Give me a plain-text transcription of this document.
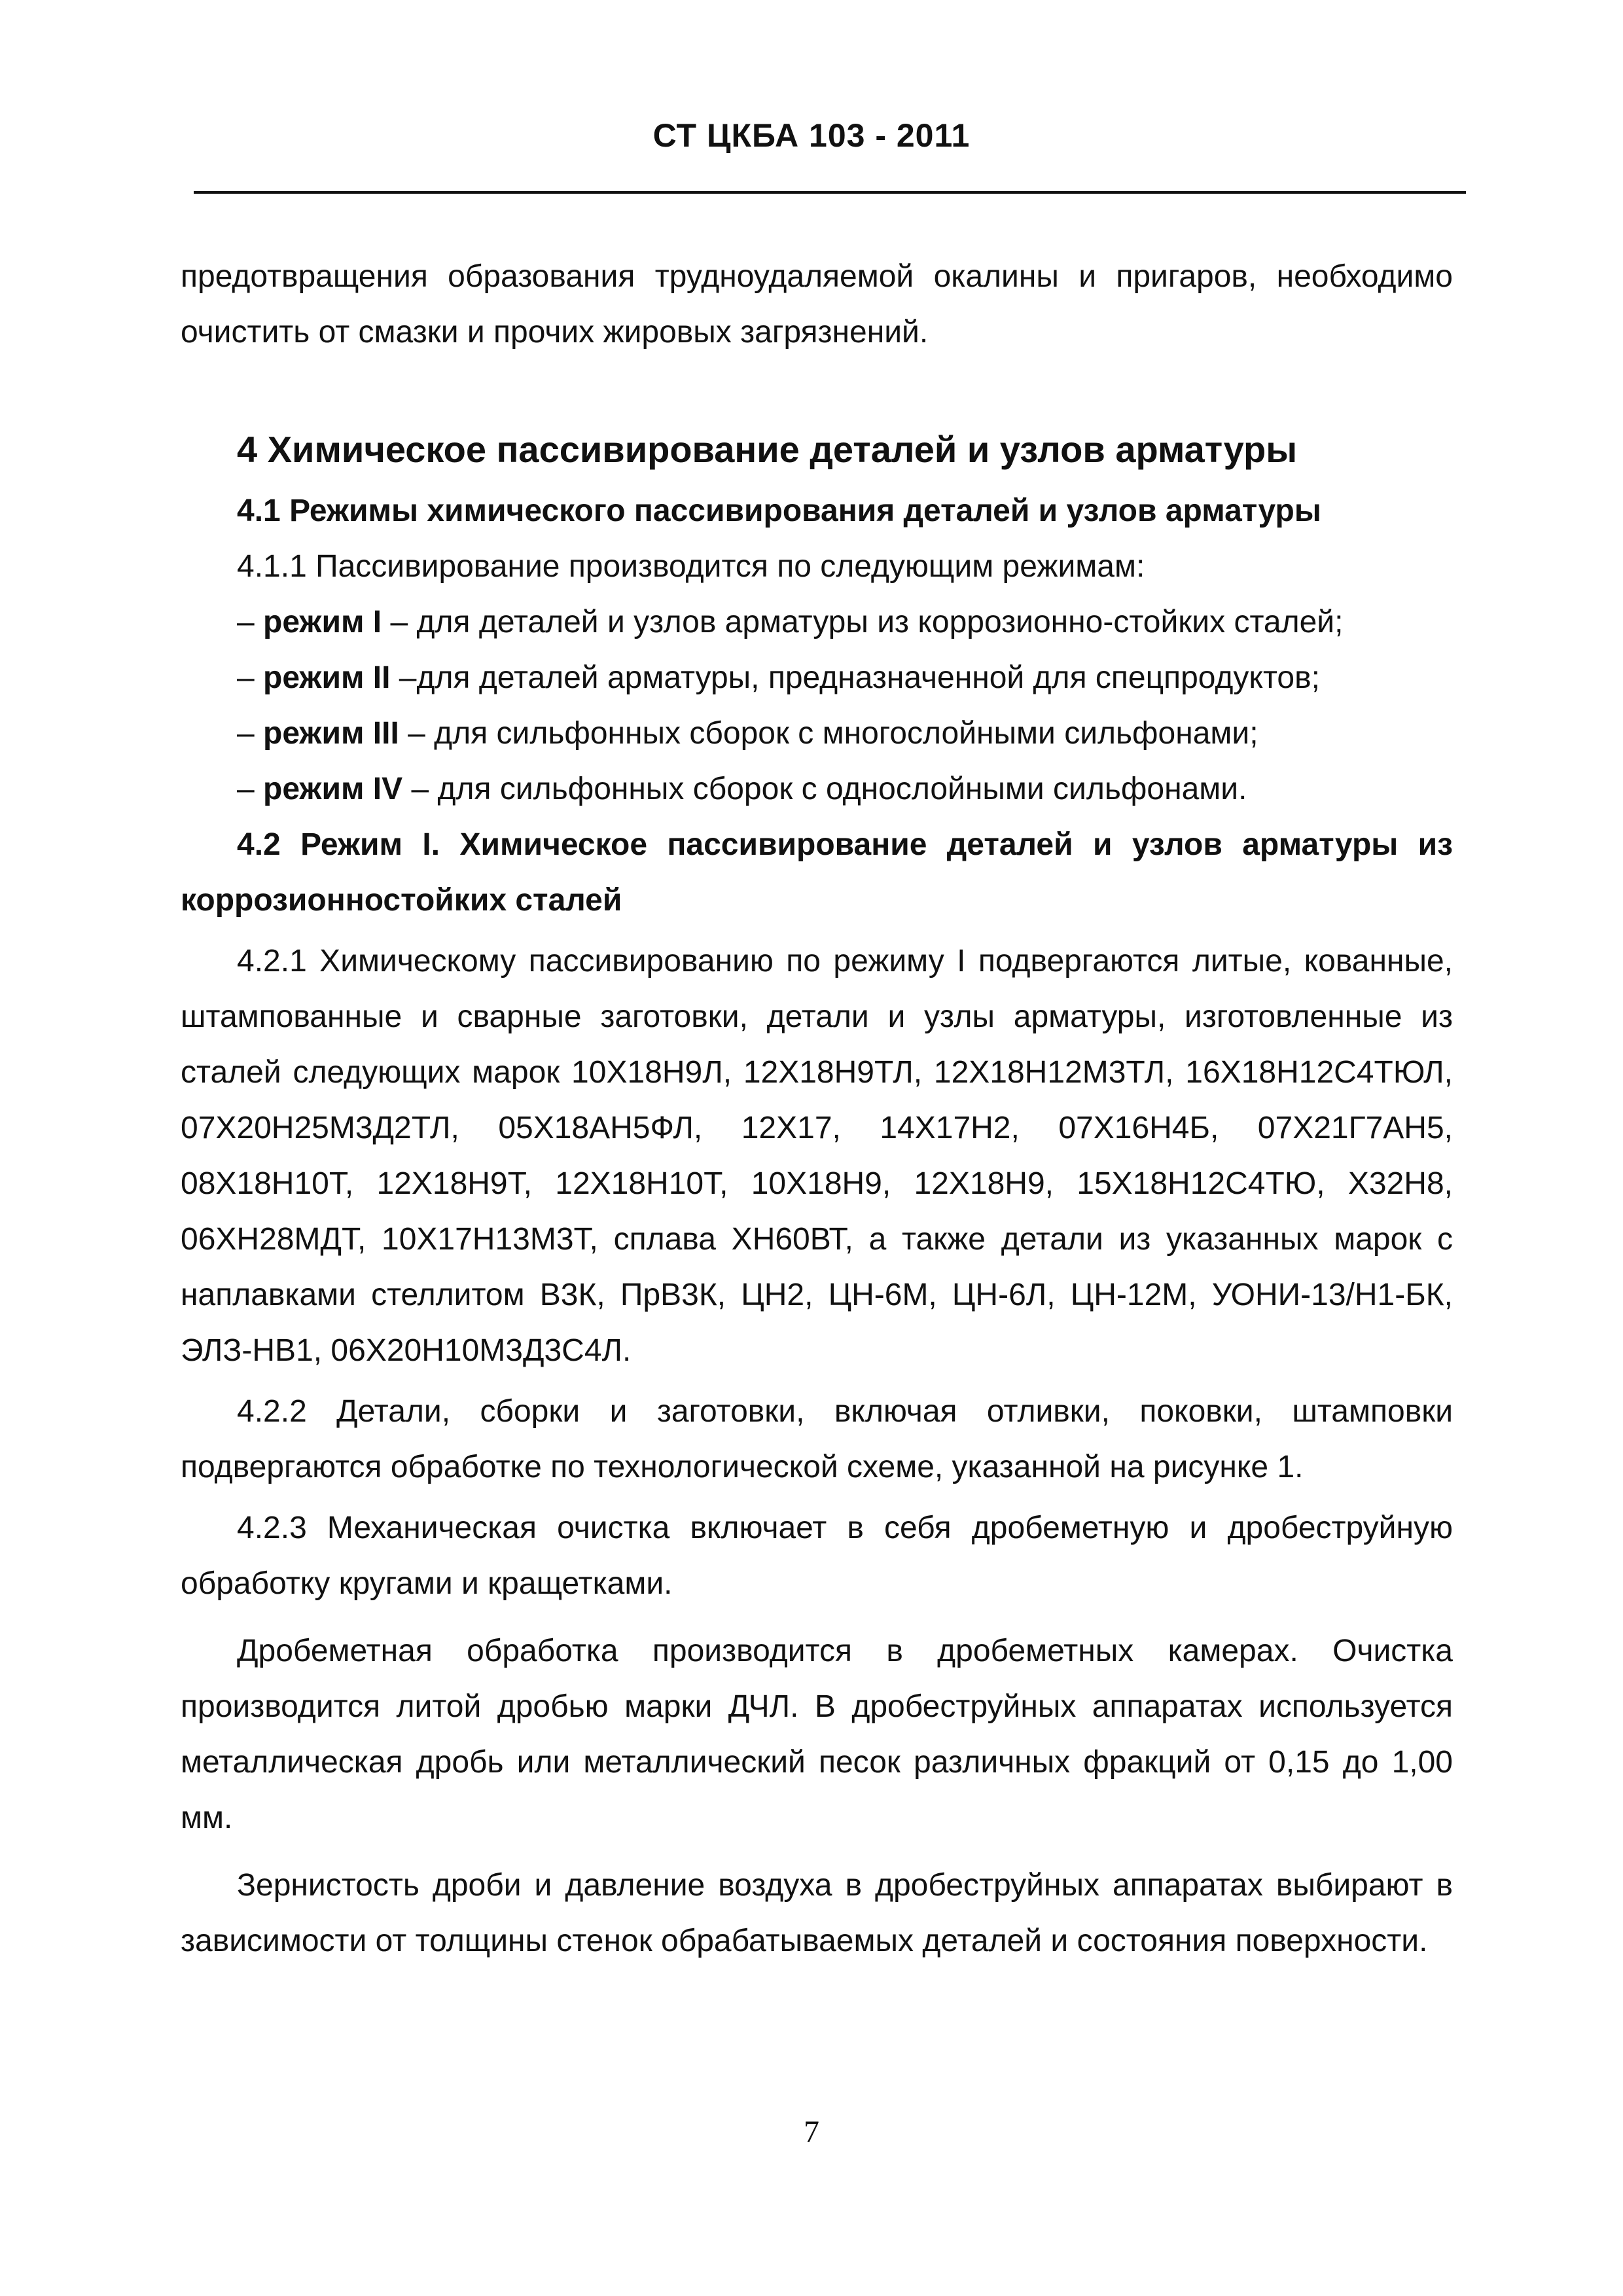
СТ ЦКБА 103 - 2011

предотвращения образования трудноудаляемой окалины и пригаров, необходимо очистить от смазки и прочих жировых загрязнений.

4 Химическое пассивирование деталей и узлов арматуры
4.1 Режимы химического пассивирования деталей и узлов арматуры

4.1.1 Пассивирование производится по следующим режимам:

– режим I – для деталей и узлов арматуры из коррозионно-стойких сталей;
– режим II –для деталей арматуры, предназначенной для спецпродуктов;
– режим III – для сильфонных сборок с многослойными сильфонами;
– режим IV – для сильфонных сборок с однослойными сильфонами.

4.2 Режим I. Химическое пассивирование деталей и узлов арматуры из коррозионностойких сталей

4.2.1 Химическому пассивированию по режиму I подвергаются литые, кованные, штампованные и сварные заготовки, детали и узлы арматуры, изготовленные из сталей следующих марок 10Х18Н9Л, 12Х18Н9ТЛ, 12Х18Н12М3ТЛ, 16Х18Н12С4ТЮЛ, 07Х20Н25М3Д2ТЛ, 05Х18АН5ФЛ, 12Х17, 14Х17Н2, 07Х16Н4Б, 07Х21Г7АН5, 08Х18Н10Т, 12Х18Н9Т, 12Х18Н10Т, 10Х18Н9, 12Х18Н9, 15Х18Н12С4ТЮ, Х32Н8, 06ХН28МДТ, 10Х17Н13М3Т, сплава ХН60ВТ, а также детали из указанных марок с наплавками стеллитом В3К, ПрВ3К, ЦН2, ЦН-6М, ЦН-6Л, ЦН-12М, УОНИ-13/Н1-БК, ЭЛЗ-НВ1, 06Х20Н10М3Д3С4Л.

4.2.2 Детали, сборки и заготовки, включая отливки, поковки, штамповки подвергаются обработке по технологической схеме, указанной на рисунке 1.

4.2.3 Механическая очистка включает в себя дробеметную и дробеструйную обработку кругами и кращетками.

Дробеметная обработка производится в дробеметных камерах. Очистка производится литой дробью марки ДЧЛ. В дробеструйных аппаратах используется металлическая дробь или металлический песок различных фракций от 0,15 до 1,00 мм.

Зернистость дроби и давление воздуха в дробеструйных аппаратах выбирают в зависимости от толщины стенок обрабатываемых деталей и состояния поверхности.

7
